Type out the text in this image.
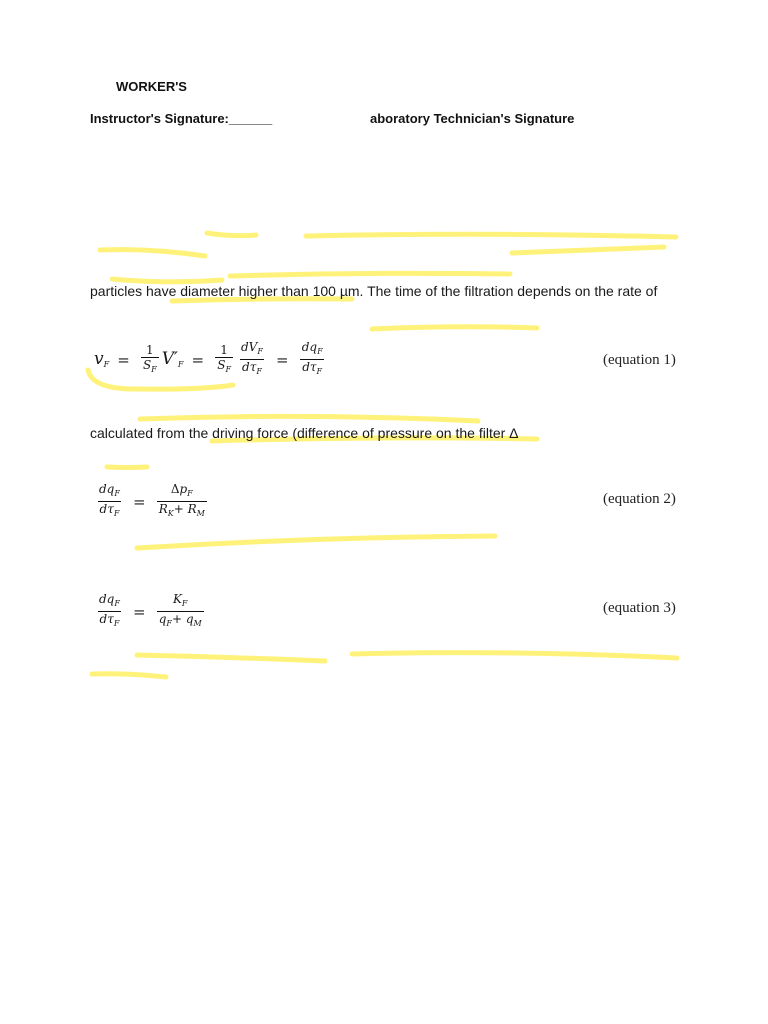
WORKER'S
Instructor's Signature:______	aboratory Technician's Signature
particles have diameter higher than 100 µm. The time of the filtration depends on the rate of
$v_F = \frac{1}{S_F} V'_F = \frac{1}{S_F} \frac{dV_F}{d\tau_F} = \frac{dq_F}{d\tau_F}$	(equation 1)
calculated from the driving force (difference of pressure on the filter Δ
$\frac{dq_F}{d\tau_F} = \frac{\Delta p_F}{R_K+ R_M}$	(equation 2)
$\frac{dq_F}{d\tau_F} = \frac{K_F}{q_F+ q_M}$	(equation 3)
